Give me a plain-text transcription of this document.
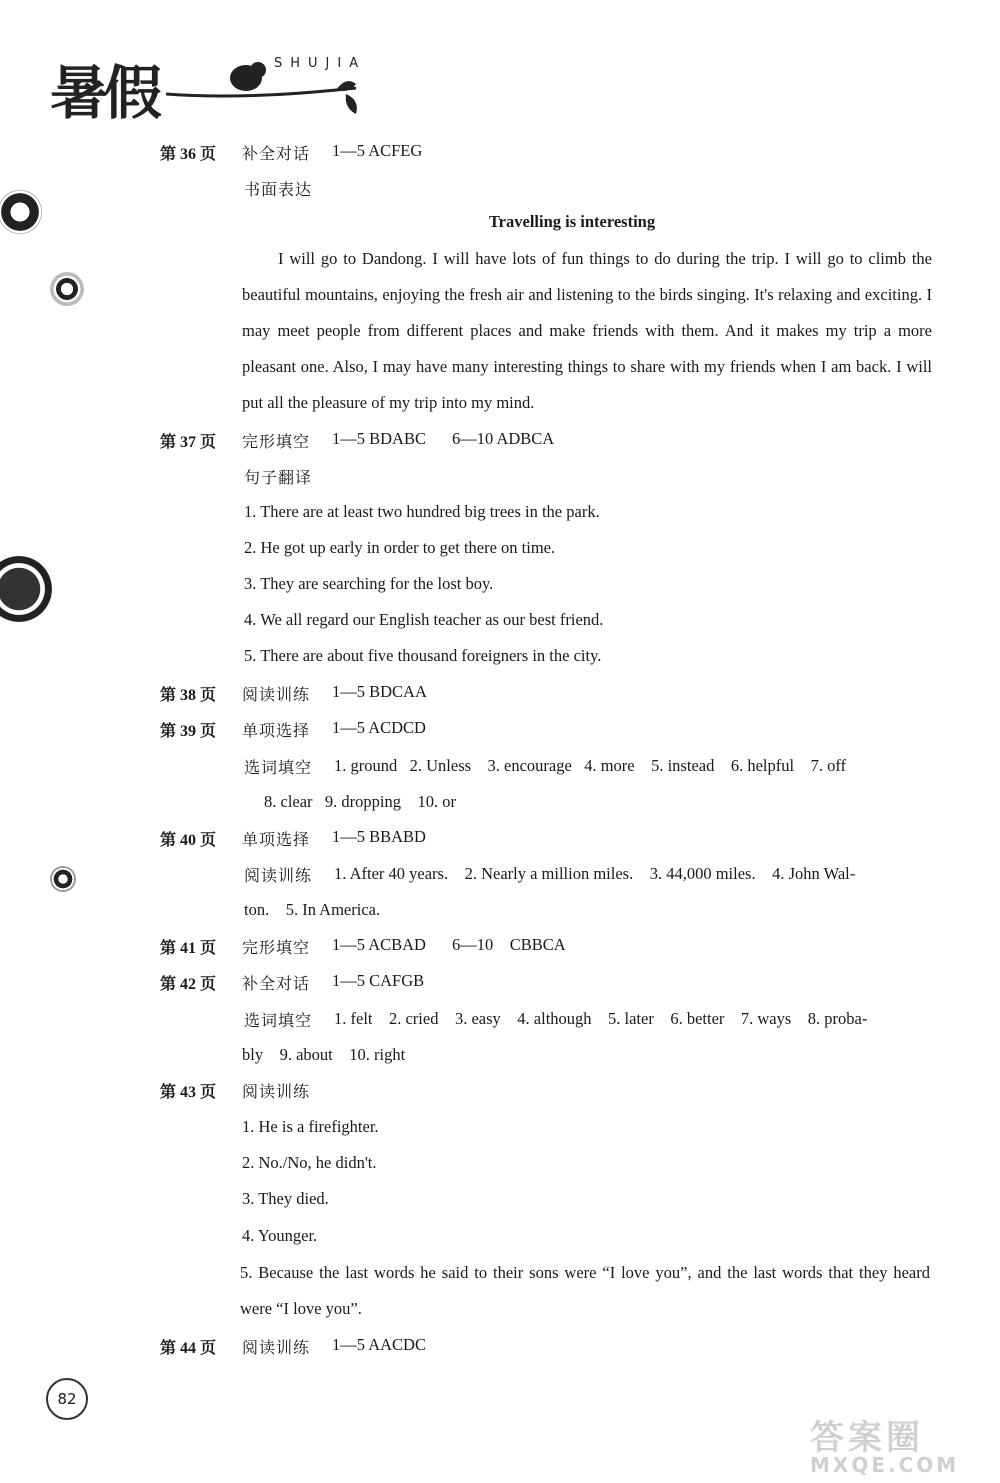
暑假	SHUJIA
第 36 页 补全对话 1—5 ACFEG
书面表达
Travelling is interesting
I will go to Dandong. I will have lots of fun things to do during the trip. I will go to climb the beautiful mountains, enjoying the fresh air and listening to the birds singing. It's relaxing and exciting. I may meet people from different places and make friends with them. And it makes my trip a more pleasant one. Also, I may have many interesting things to share with my friends when I am back. I will put all the pleasure of my trip into my mind.
第 37 页 完形填空 1—5 BDABC 6—10 ADBCA
句子翻译
1. There are at least two hundred big trees in the park.
2. He got up early in order to get there on time.
3. They are searching for the lost boy.
4. We all regard our English teacher as our best friend.
5. There are about five thousand foreigners in the city.
第 38 页 阅读训练 1—5 BDCAA
第 39 页 单项选择 1—5 ACDCD
选词填空 1. ground   2. Unless    3. encourage   4. more    5. instead    6. helpful    7. off
8. clear   9. dropping    10. or
第 40 页 单项选择 1—5 BBABD
阅读训练 1. After 40 years.    2. Nearly a million miles.    3. 44,000 miles.    4. John Wal-
ton.    5. In America.
第 41 页 完形填空 1—5 ACBAD 6—10    CBBCA
第 42 页 补全对话 1—5 CAFGB
选词填空 1. felt    2. cried    3. easy    4. although    5. later    6. better    7. ways    8. proba-
bly    9. about    10. right
第 43 页 阅读训练
1. He is a firefighter.
2. No./No, he didn't.
3. They died.
4. Younger.
5. Because the last words he said to their sons were “I love you”, and the last words that they heard were “I love you”.
第 44 页 阅读训练 1—5 AACDC
82
答案圈
MXQE.COM
